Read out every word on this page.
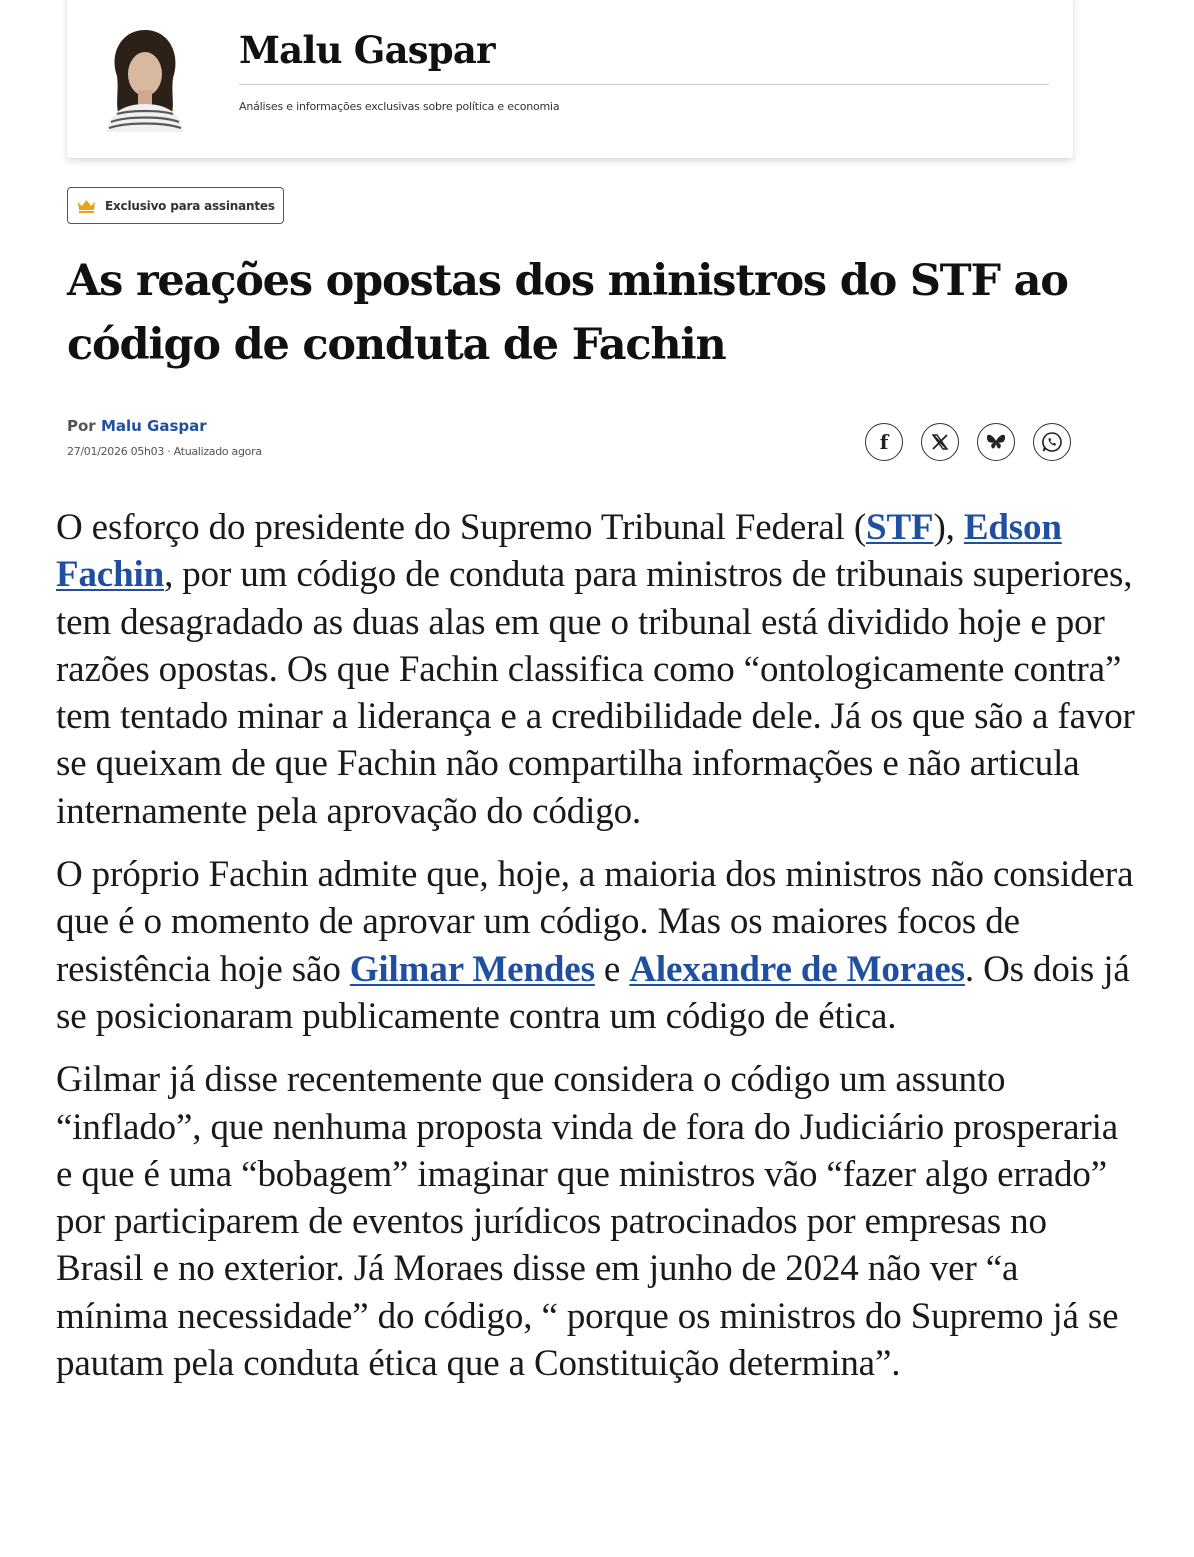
Malu Gaspar
Análises e informações exclusivas sobre política e economia
Exclusivo para assinantes
As reações opostas dos ministros do STF ao código de conduta de Fachin
Por Malu Gaspar
27/01/2026 05h03 · Atualizado agora	f

O esforço do presidente do Supremo Tribunal Federal (STF), Edson Fachin, por um código de conduta para ministros de tribunais superiores, tem desagradado as duas alas em que o tribunal está dividido hoje e por razões opostas. Os que Fachin classifica como “ontologicamente contra” tem tentado minar a liderança e a credibilidade dele. Já os que são a favor se queixam de que Fachin não compartilha informações e não articula internamente pela aprovação do código.

O próprio Fachin admite que, hoje, a maioria dos ministros não considera que é o momento de aprovar um código. Mas os maiores focos de resistência hoje são Gilmar Mendes e Alexandre de Moraes. Os dois já se posicionaram publicamente contra um código de ética.

Gilmar já disse recentemente que considera o código um assunto “inflado”, que nenhuma proposta vinda de fora do Judiciário prosperaria e que é uma “bobagem” imaginar que ministros vão “fazer algo errado” por participarem de eventos jurídicos patrocinados por empresas no Brasil e no exterior. Já Moraes disse em junho de 2024 não ver “a mínima necessidade” do código, “ porque os ministros do Supremo já se pautam pela conduta ética que a Constituição determina”.
